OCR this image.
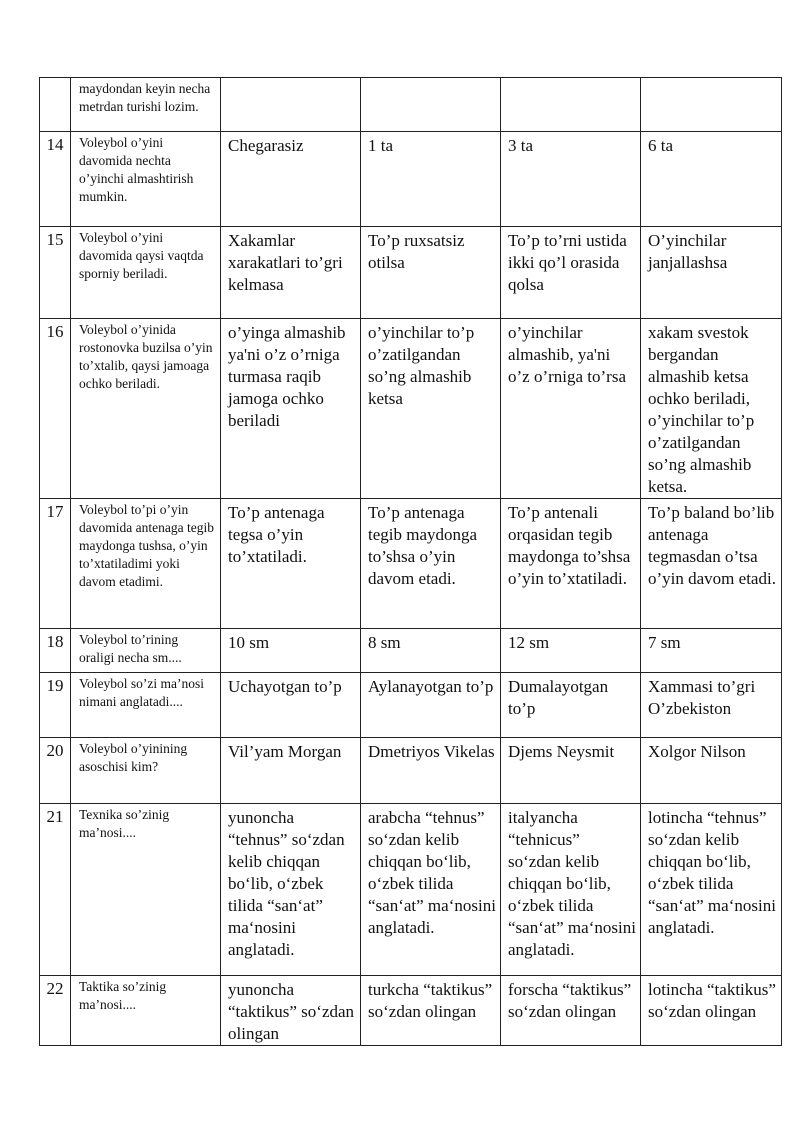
	maydondan keyin necha metrdan turishi lozim.				
14	Voleybol o’yini davomida nechta o’yinchi almashtirish mumkin.	Chegarasiz	1 ta	3 ta	6 ta
15	Voleybol o’yini davomida qaysi vaqtda sporniy beriladi.	Xakamlar xarakatlari to’gri kelmasa	To’p ruxsatsiz otilsa	To’p to’rni ustida ikki qo’l orasida qolsa	O’yinchilar janjallashsa
16	Voleybol o’yinida rostonovka buzilsa o’yin to’xtalib, qaysi jamoaga ochko beriladi.	o’yinga almashib ya'ni o’z o’rniga turmasa raqib jamoga ochko beriladi	o’yinchilar to’p o’zatilgandan so’ng almashib ketsa	o’yinchilar almashib, ya'ni o’z o’rniga to’rsa	xakam svestok bergandan almashib ketsa ochko beriladi, o’yinchilar to’p o’zatilgandan so’ng almashib ketsa.
17	Voleybol to’pi o’yin davomida antenaga tegib maydonga tushsa, o’yin to’xtatiladimi yoki davom etadimi.	To’p antenaga tegsa o’yin to’xtatiladi.	To’p antenaga tegib maydonga to’shsa o’yin davom etadi.	To’p antenali orqasidan tegib maydonga to’shsa o’yin to’xtatiladi.	To’p baland bo’lib antenaga tegmasdan o’tsa o’yin davom etadi.
18	Voleybol to’rining oraligi necha sm....	10 sm	8 sm	12 sm	7 sm
19	Voleybol so’zi ma’nosi nimani anglatadi....	Uchayotgan to’p	Aylanayotgan to’p	Dumalayotgan to’p	Xammasi to’gri O’zbekiston
20	Voleybol o’yinining asoschisi kim?	Vil’yam Morgan	Dmetriyos Vikelas	Djems Neysmit	Xolgor Nilson
21	Texnika so’zinig ma’nosi....	yunoncha “tehnus” so‘zdan kelib chiqqan bo‘lib, o‘zbek tilida “san‘at” ma‘nosini anglatadi.	arabcha “tehnus” so‘zdan kelib chiqqan bo‘lib, o‘zbek tilida “san‘at” ma‘nosini anglatadi.	italyancha “tehnicus” so‘zdan kelib chiqqan bo‘lib, o‘zbek tilida “san‘at” ma‘nosini anglatadi.	lotincha “tehnus” so‘zdan kelib chiqqan bo‘lib, o‘zbek tilida “san‘at” ma‘nosini anglatadi.
22	Taktika so’zinig ma’nosi....	yunoncha “taktikus” so‘zdan olingan	turkcha “taktikus” so‘zdan olingan	forscha “taktikus” so‘zdan olingan	lotincha “taktikus” so‘zdan olingan
